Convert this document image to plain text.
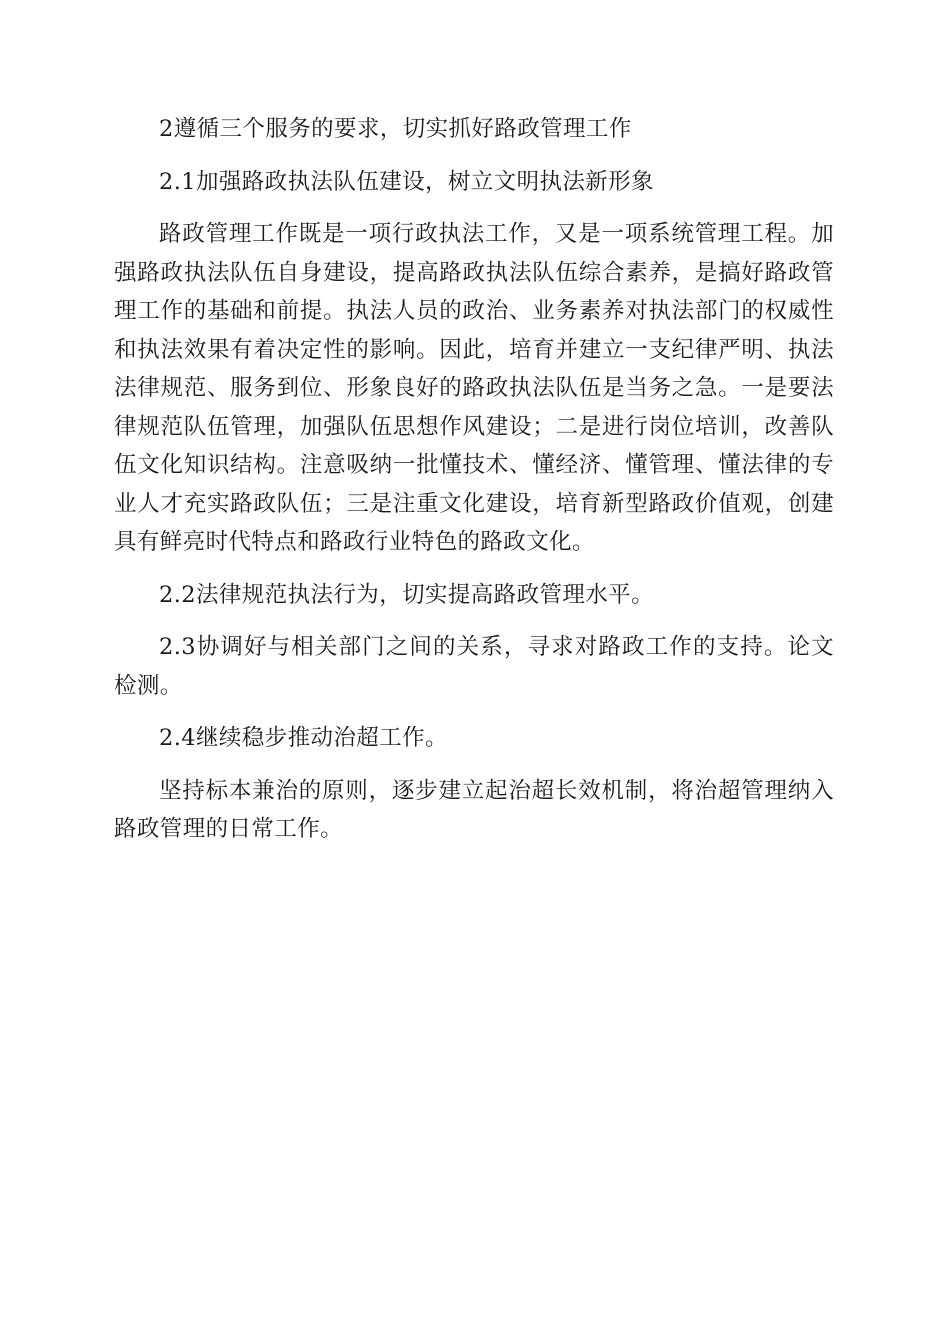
2遵循三个服务的要求，切实抓好路政管理工作

2.1加强路政执法队伍建设，树立文明执法新形象

路政管理工作既是一项行政执法工作，又是一项系统管理工程。加强路政执法队伍自身建设，提高路政执法队伍综合素养，是搞好路政管理工作的基础和前提。执法人员的政治、业务素养对执法部门的权威性和执法效果有着决定性的影响。因此，培育并建立一支纪律严明、执法法律规范、服务到位、形象良好的路政执法队伍是当务之急。一是要法律规范队伍管理，加强队伍思想作风建设；二是进行岗位培训，改善队伍文化知识结构。注意吸纳一批懂技术、懂经济、懂管理、懂法律的专业人才充实路政队伍；三是注重文化建设，培育新型路政价值观，创建具有鲜亮时代特点和路政行业特色的路政文化。

2.2法律规范执法行为，切实提高路政管理水平。

2.3协调好与相关部门之间的关系，寻求对路政工作的支持。论文检测。

2.4继续稳步推动治超工作。

坚持标本兼治的原则，逐步建立起治超长效机制，将治超管理纳入路政管理的日常工作。
